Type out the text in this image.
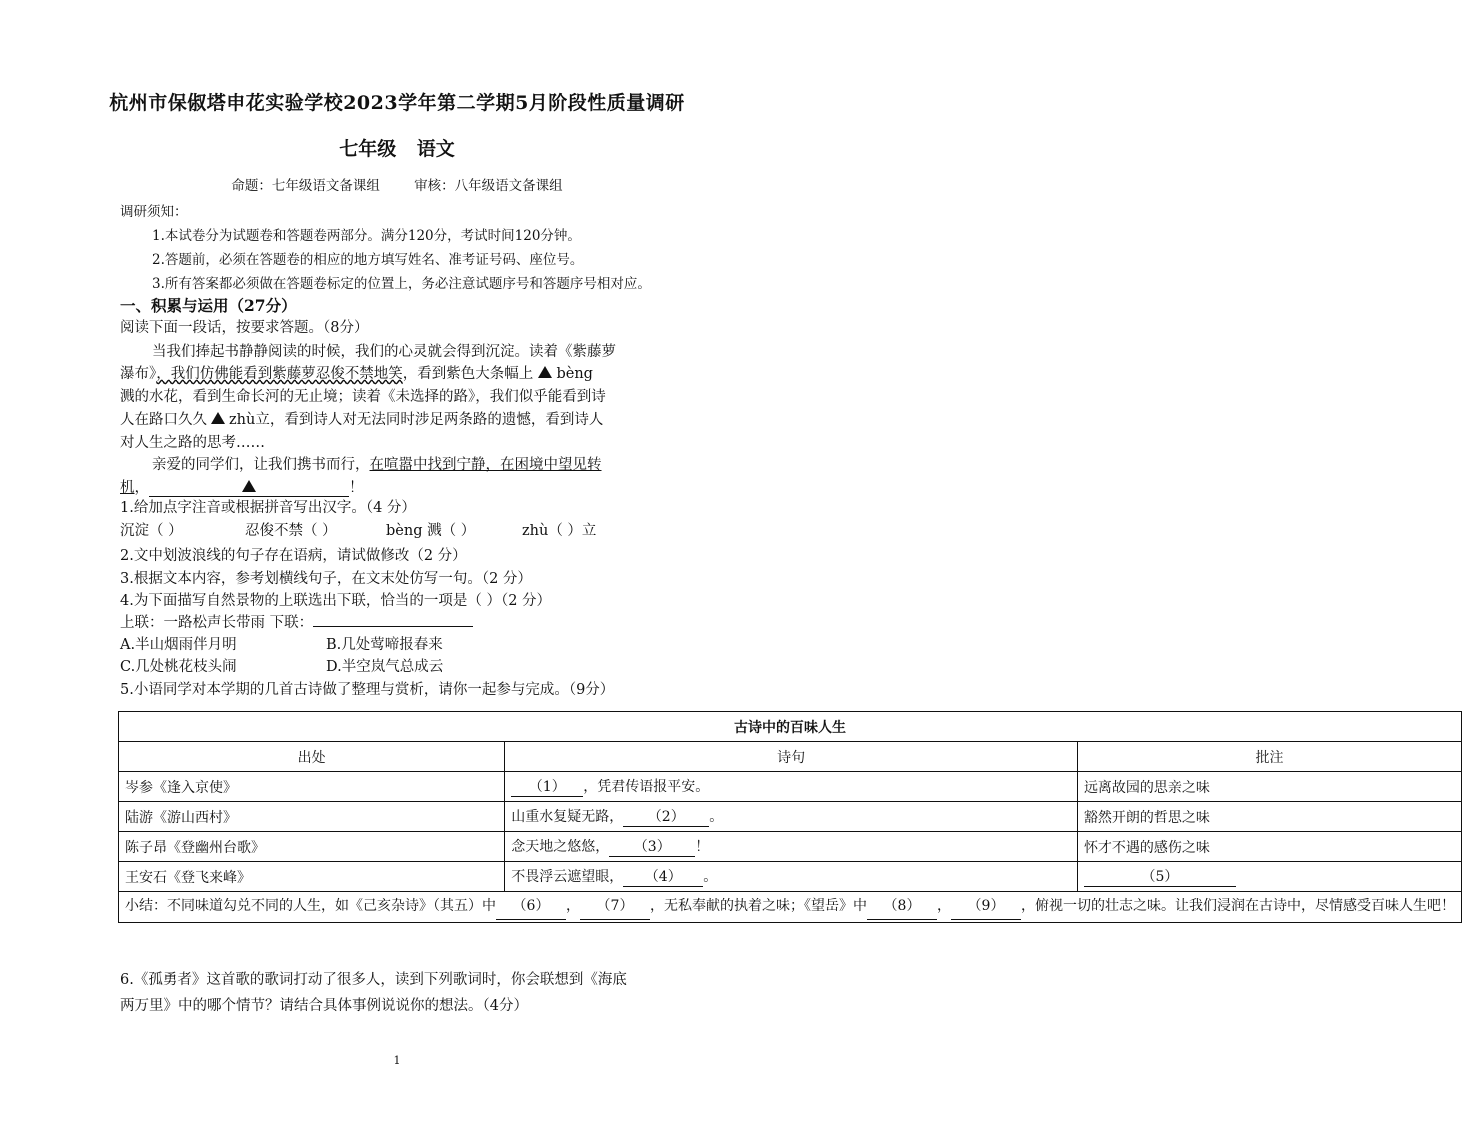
杭州市保俶塔申花实验学校2023学年第二学期5月阶段性质量调研
七年级 语文
命题：七年级语文备课组        审核：八年级语文备课组
调研须知：
1.本试卷分为试题卷和答题卷两部分。满分120分，考试时间120分钟。
2.答题前，必须在答题卷的相应的地方填写姓名、准考证号码、座位号。
3.所有答案都必须做在答题卷标定的位置上，务必注意试题序号和答题序号相对应。
一、积累与运用（27分）
阅读下面一段话，按要求答题。（8分）
当我们捧起书静静阅读的时候，我们的心灵就会得到沉淀。读着《紫藤萝
瀑布》，我们仿佛能看到紫藤萝忍俊不禁地笑，看到紫色大条幅上 bèng
溅的水花，看到生命长河的无止境；读着《未选择的路》，我们似乎能看到诗
人在路口久久 zhù立，看到诗人对无法同时涉足两条路的遗憾，看到诗人
对人生之路的思考……
亲爱的同学们，让我们携书而行，在喧嚣中找到宁静，在困境中望见转
机，	！
1.给加点字注音或根据拼音写出汉字。（4 分）
沉淀（ ）	忍俊不禁（ ）	bèng 溅（ ）	zhù（ ）立
2.文中划波浪线的句子存在语病，请试做修改（2 分）
3.根据文本内容，参考划横线句子，在文末处仿写一句。（2 分）
4.为下面描写自然景物的上联选出下联，恰当的一项是（ ）（2 分）
上联：一路松声长带雨 下联：
A.半山烟雨伴月明	B.几处莺啼报春来
C.几处桃花枝头闹	D.半空岚气总成云
5.小语同学对本学期的几首古诗做了整理与赏析，请你一起参与完成。（9分）
古诗中的百味人生		
出处	诗句	批注
岑参《逢入京使》	（1） ，凭君传语报平安。	远离故园的思亲之味
陆游《游山西村》	山重水复疑无路， （2） 。	豁然开朗的哲思之味
陈子昂《登幽州台歌》	念天地之悠悠， （3） ！	怀才不遇的感伤之味
王安石《登飞来峰》	不畏浮云遮望眼， （4） 。	（5）
小结：不同味道勾兑不同的人生，如《己亥杂诗》（其五）中 （6） ， （7） ，无私奉献的执着之味；《望岳》中 （8） ， （9） ，俯视一切的壮志之味。让我们浸润在古诗中，尽情感受百味人生吧！		
6.《孤勇者》这首歌的歌词打动了很多人，读到下列歌词时，你会联想到《海底
两万里》中的哪个情节？请结合具体事例说说你的想法。（4分）
1
